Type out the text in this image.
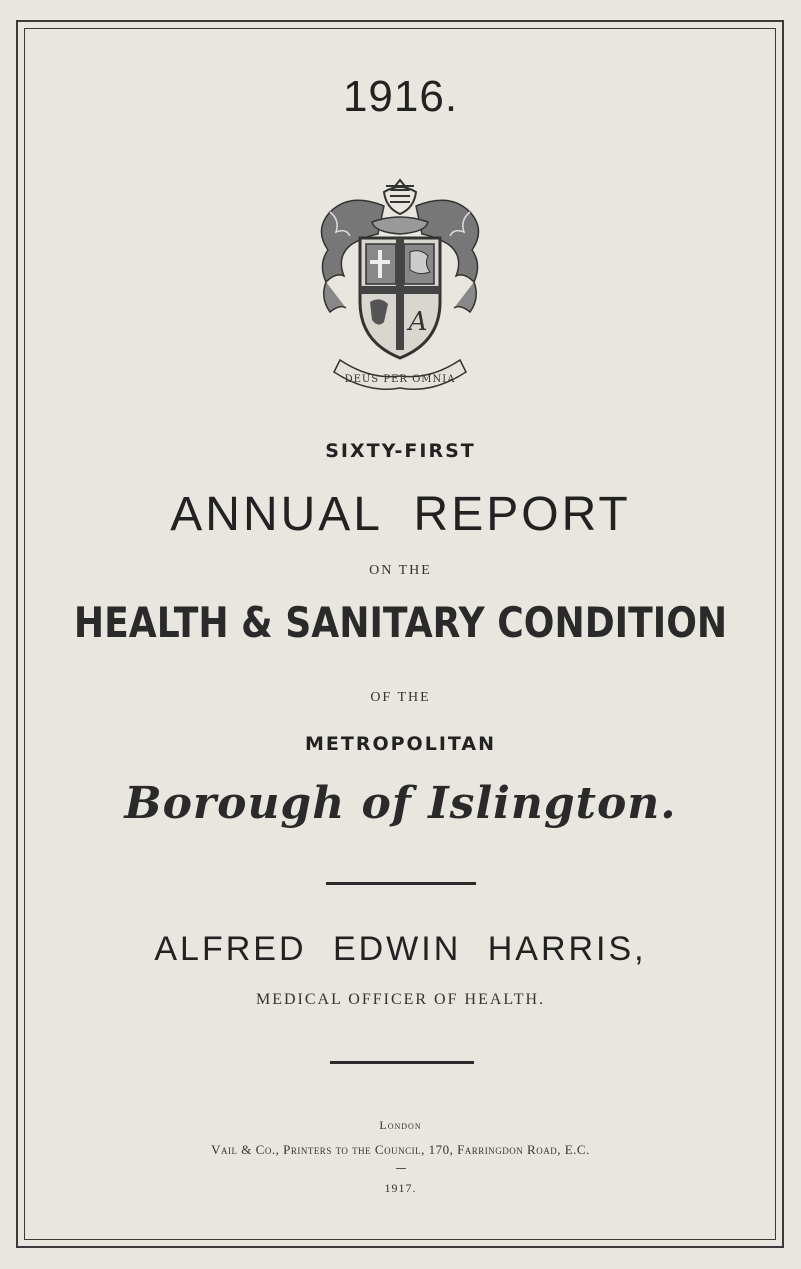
1916.
A
DEUS PER OMNIA
SIXTY-FIRST
ANNUAL REPORT
ON THE
HEALTH & SANITARY CONDITION
OF THE
METROPOLITAN
Borough of Islington.
ALFRED EDWIN HARRIS,
MEDICAL OFFICER OF HEALTH.
London
Vail & Co., Printers to the Council, 170, Farringdon Road, E.C.
1917.
